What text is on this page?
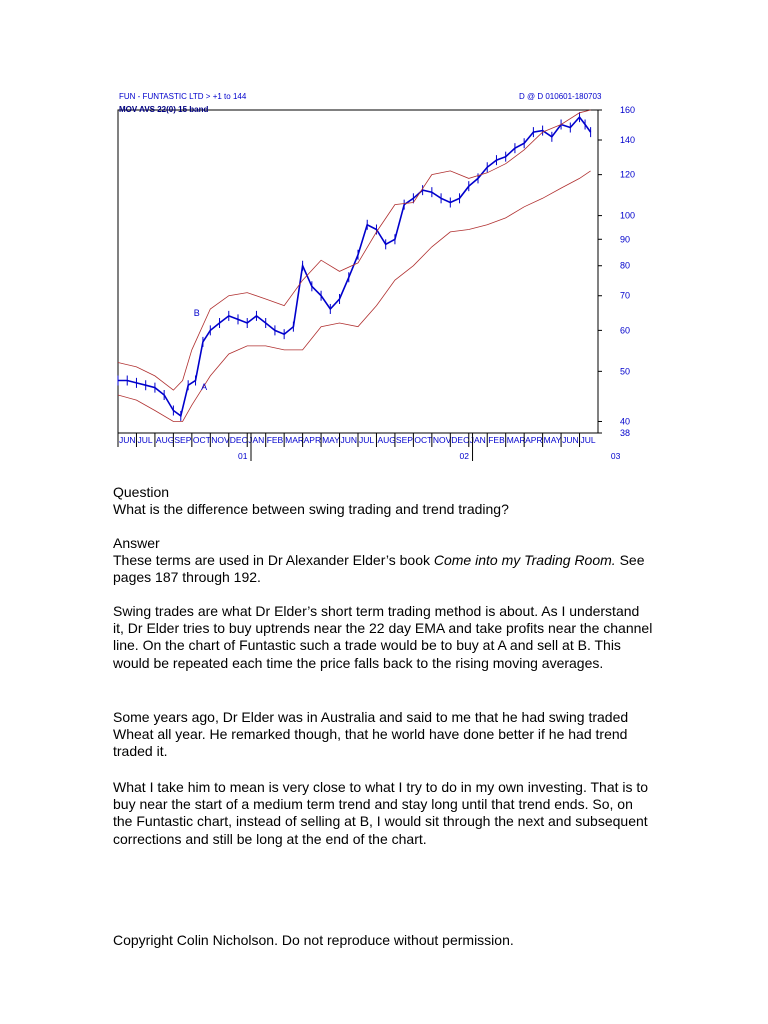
160
140
120
100
90
80
70
60
50
40
38
JUN JUL AUG SEP OCT NOV DEC JAN FEB MAR APR MAY JUN JUL AUG SEP OCT NOV DEC JAN FEB MAR APR MAY JUN JUL
01	02	03
A
B
FUN - FUNTASTIC LTD > +1 to 144
MOV AVS 22(0) 15 band
D @ D 010601-180703

Question

What is the difference between swing trading and trend trading?

Answer

These terms are used in Dr Alexander Elder’s book Come into my Trading Room. See pages 187 through 192.

Swing trades are what Dr Elder’s short term trading method is about. As I understand it, Dr Elder tries to buy uptrends near the 22 day EMA and take profits near the channel line. On the chart of Funtastic such a trade would be to buy at A and sell at B. This would be repeated each time the price falls back to the rising moving averages.

Some years ago, Dr Elder was in Australia and said to me that he had swing traded Wheat all year. He remarked though, that he world have done better if he had trend traded it.

What I take him to mean is very close to what I try to do in my own investing. That is to buy near the start of a medium term trend and stay long until that trend ends. So, on the Funtastic chart, instead of selling at B, I would sit through the next and subsequent corrections and still be long at the end of the chart.

Copyright Colin Nicholson. Do not reproduce without permission.
